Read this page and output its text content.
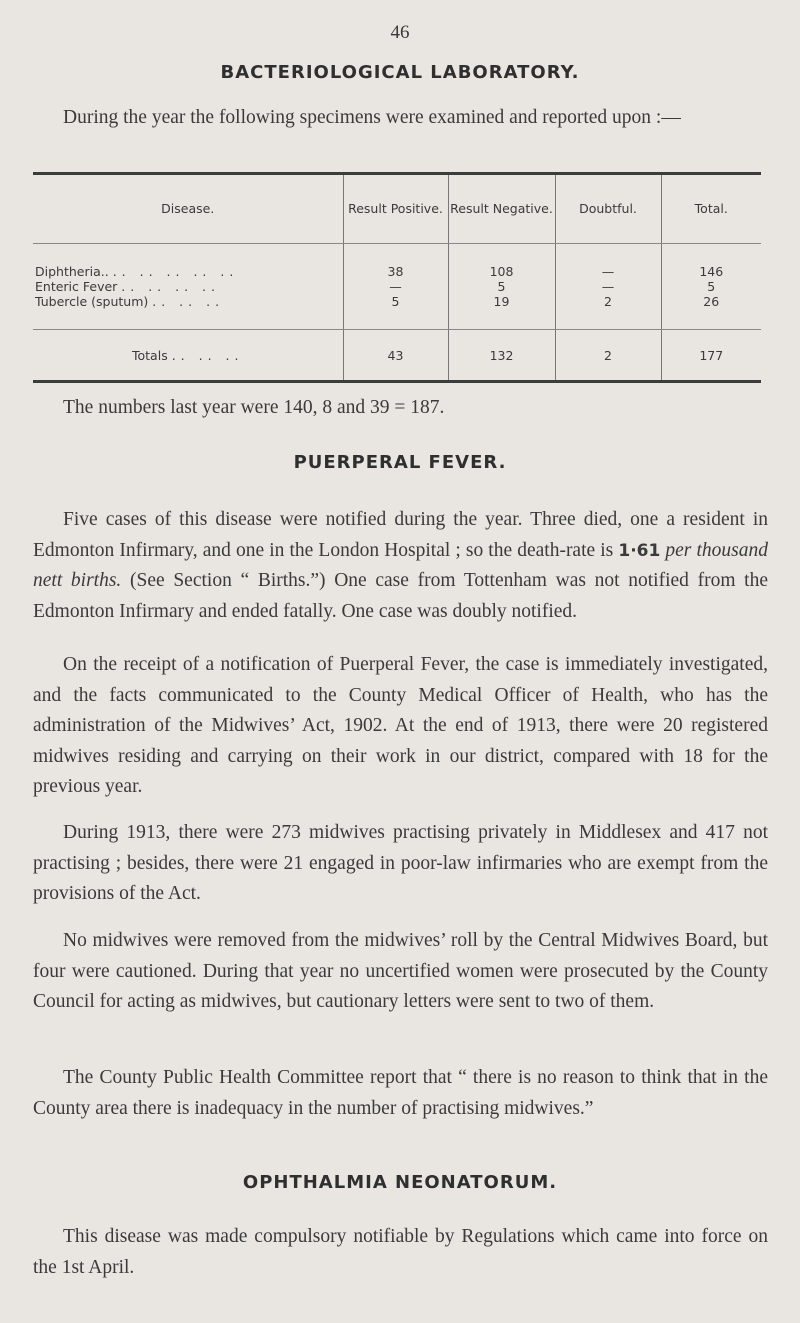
46
BACTERIOLOGICAL LABORATORY.
During the year the following specimens were examined and reported upon :—
Disease.	Result Positive.	Result Negative.	Doubtful.	Total.
Diphtheria.. .. .. .. .. ..	38	108	—	146
Enteric Fever .. .. .. ..	—	5	—	5
Tubercle (sputum) .. .. ..	5	19	2	26
Totals .. .. ..	43	132	2	177

The numbers last year were 140, 8 and 39 = 187.

PUERPERAL FEVER.

Five cases of this disease were notified during the year. Three died, one a resident in Edmonton Infirmary, and one in the London Hospital ; so the death-rate is 1·61 per thousand nett births. (See Section “ Births.”) One case from Tottenham was not notified from the Edmonton Infirmary and ended fatally. One case was doubly notified.

On the receipt of a notification of Puerperal Fever, the case is immediately investigated, and the facts communicated to the County Medical Officer of Health, who has the administration of the Midwives’ Act, 1902. At the end of 1913, there were 20 registered midwives residing and carrying on their work in our district, compared with 18 for the previous year.

During 1913, there were 273 midwives practising privately in Middlesex and 417 not practising ; besides, there were 21 engaged in poor-law infirmaries who are exempt from the provisions of the Act.

No midwives were removed from the midwives’ roll by the Central Midwives Board, but four were cautioned. During that year no uncertified women were prosecuted by the County Council for acting as midwives, but cautionary letters were sent to two of them.

The County Public Health Committee report that “ there is no reason to think that in the County area there is inadequacy in the number of practising midwives.”

OPHTHALMIA NEONATORUM.

This disease was made compulsory notifiable by Regulations which came into force on the 1st April.
